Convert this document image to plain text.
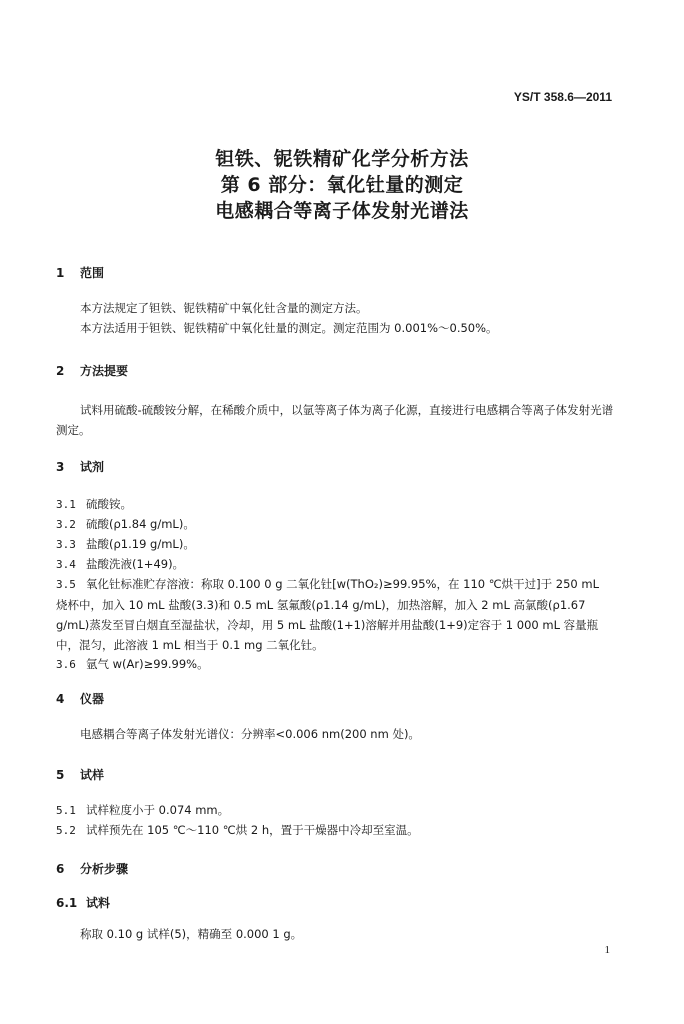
YS/T 358.6—2011
钽铁、铌铁精矿化学分析方法
第 6 部分：氧化钍量的测定
电感耦合等离子体发射光谱法
1 范围
本方法规定了钽铁、铌铁精矿中氧化钍含量的测定方法。
本方法适用于钽铁、铌铁精矿中氧化钍量的测定。测定范围为 0.001%～0.50%。
2 方法提要
试料用硫酸-硫酸铵分解，在稀酸介质中，以氩等离子体为离子化源，直接进行电感耦合等离子体发射光谱测定。
3 试剂
3.1 硫酸铵。
3.2 硫酸(ρ1.84 g/mL)。
3.3 盐酸(ρ1.19 g/mL)。
3.4 盐酸洗液(1+49)。
3.5 氧化钍标准贮存溶液：称取 0.100 0 g 二氧化钍[w(ThO₂)≥99.95%，在 110 ℃烘干过]于 250 mL 烧杯中，加入 10 mL 盐酸(3.3)和 0.5 mL 氢氟酸(ρ1.14 g/mL)，加热溶解，加入 2 mL 高氯酸(ρ1.67 g/mL)蒸发至冒白烟直至湿盐状，冷却，用 5 mL 盐酸(1+1)溶解并用盐酸(1+9)定容于 1 000 mL 容量瓶中，混匀，此溶液 1 mL 相当于 0.1 mg 二氧化钍。
3.6 氩气 w(Ar)≥99.99%。
4 仪器
电感耦合等离子体发射光谱仪：分辨率<0.006 nm(200 nm 处)。
5 试样
5.1 试样粒度小于 0.074 mm。
5.2 试样预先在 105 ℃～110 ℃烘 2 h，置于干燥器中冷却至室温。
6 分析步骤
6.1 试料
称取 0.10 g 试样(5)，精确至 0.000 1 g。
1
